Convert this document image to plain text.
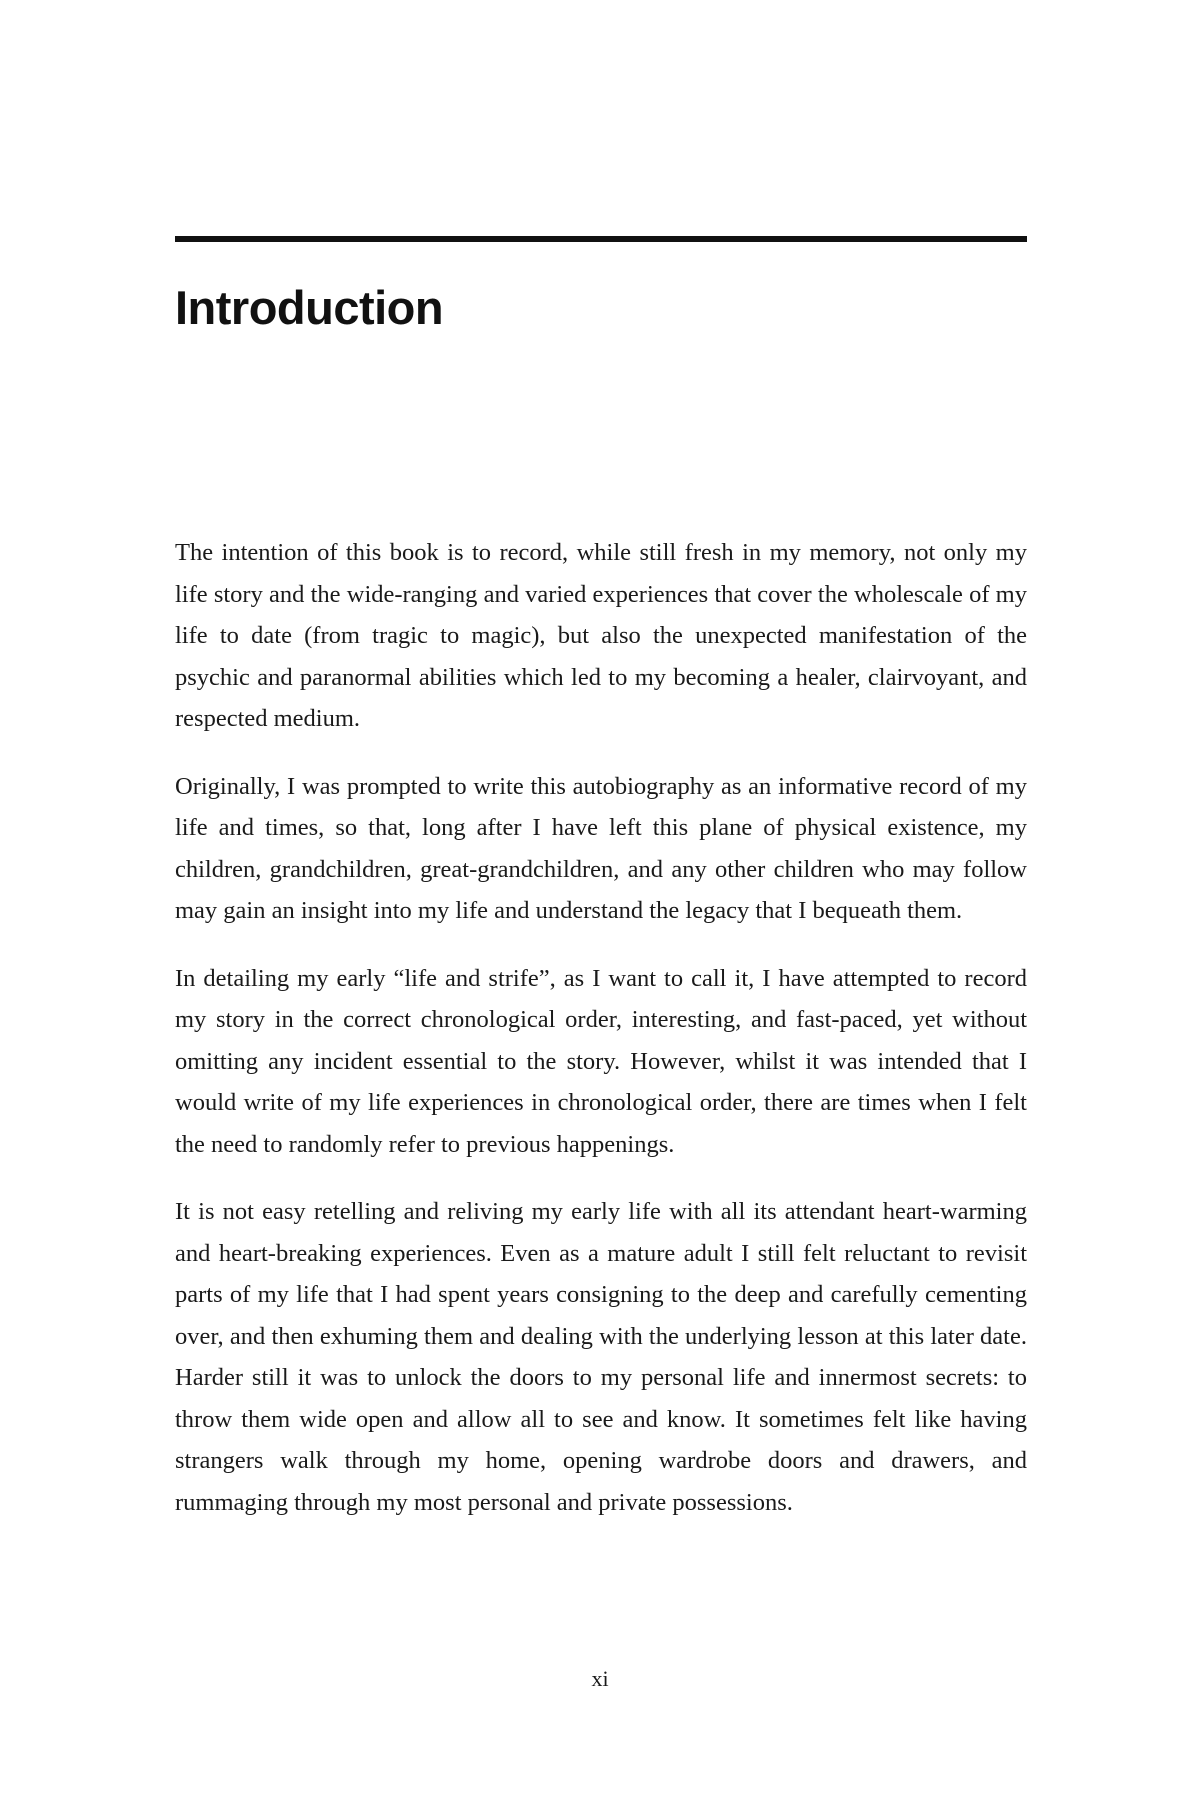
Introduction

The intention of this book is to record, while still fresh in my memory, not only my life story and the wide-ranging and varied experiences that cover the wholescale of my life to date (from tragic to magic), but also the unexpected manifestation of the psychic and paranormal abilities which led to my becoming a healer, clairvoyant, and respected medium.

Originally, I was prompted to write this autobiography as an informative record of my life and times, so that, long after I have left this plane of physical existence, my children, grandchildren, great-grandchildren, and any other children who may follow may gain an insight into my life and understand the legacy that I bequeath them.

In detailing my early “life and strife”, as I want to call it, I have attempted to record my story in the correct chronological order, interesting, and fast-paced, yet without omitting any incident essential to the story. However, whilst it was intended that I would write of my life experiences in chronological order, there are times when I felt the need to randomly refer to previous happenings.

It is not easy retelling and reliving my early life with all its attendant heart-warming and heart-breaking experiences. Even as a mature adult I still felt reluctant to revisit parts of my life that I had spent years consigning to the deep and carefully cementing over, and then exhuming them and dealing with the underlying lesson at this later date. Harder still it was to unlock the doors to my personal life and innermost secrets: to throw them wide open and allow all to see and know. It sometimes felt like having strangers walk through my home, opening wardrobe doors and drawers, and rummaging through my most personal and private possessions.

xi
